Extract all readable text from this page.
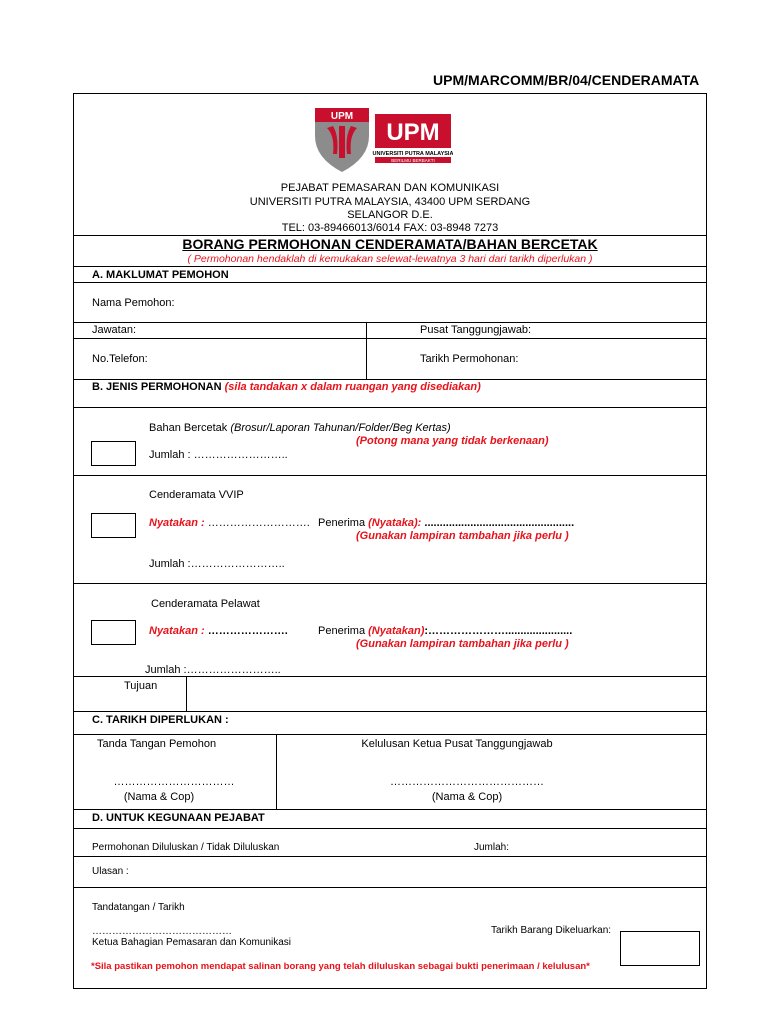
UPM/MARCOMM/BR/04/CENDERAMATA
UPM
UPM
UNIVERSITI PUTRA MALAYSIA
BERILMU BERBAKTI
PEJABAT PEMASARAN DAN KOMUNIKASI
UNIVERSITI PUTRA MALAYSIA, 43400 UPM SERDANG
SELANGOR D.E.
TEL: 03-89466013/6014 FAX: 03-8948 7273
BORANG PERMOHONAN CENDERAMATA/BAHAN BERCETAK
( Permohonan hendaklah di kemukakan selewat-lewatnya 3 hari dari tarikh diperlukan )
A. MAKLUMAT PEMOHON
Nama Pemohon:
Jawatan:	Pusat Tanggungjawab:
No.Telefon:	Tarikh Permohonan:
B. JENIS PERMOHONAN (sila tandakan x dalam ruangan yang disediakan)
Bahan Bercetak (Brosur/Laporan Tahunan/Folder/Beg Kertas)
(Potong mana yang tidak berkenaan)
Jumlah : ……………………..
Cenderamata VVIP
Nyatakan : ………………………. Penerima (Nyataka): .................................................
(Gunakan lampiran tambahan jika perlu )
Jumlah :……………………..
Cenderamata Pelawat
Nyatakan : ………………….	Penerima (Nyatakan):…………………......................
(Gunakan lampiran tambahan jika perlu )
Jumlah :……………………..
Tujuan
C. TARIKH DIPERLUKAN :
Tanda Tangan Pemohon
……………………………
(Nama & Cop)
Kelulusan Ketua Pusat Tanggungjawab
……………………………………
(Nama & Cop)
D. UNTUK KEGUNAAN PEJABAT
Permohonan Diluluskan / Tidak Diluluskan	Jumlah:
Ulasan :
Tandatangan / Tarikh
……………………………………
Ketua Bahagian Pemasaran dan Komunikasi
Tarikh Barang Dikeluarkan:
*Sila pastikan pemohon mendapat salinan borang yang telah diluluskan sebagai bukti penerimaan / kelulusan*
